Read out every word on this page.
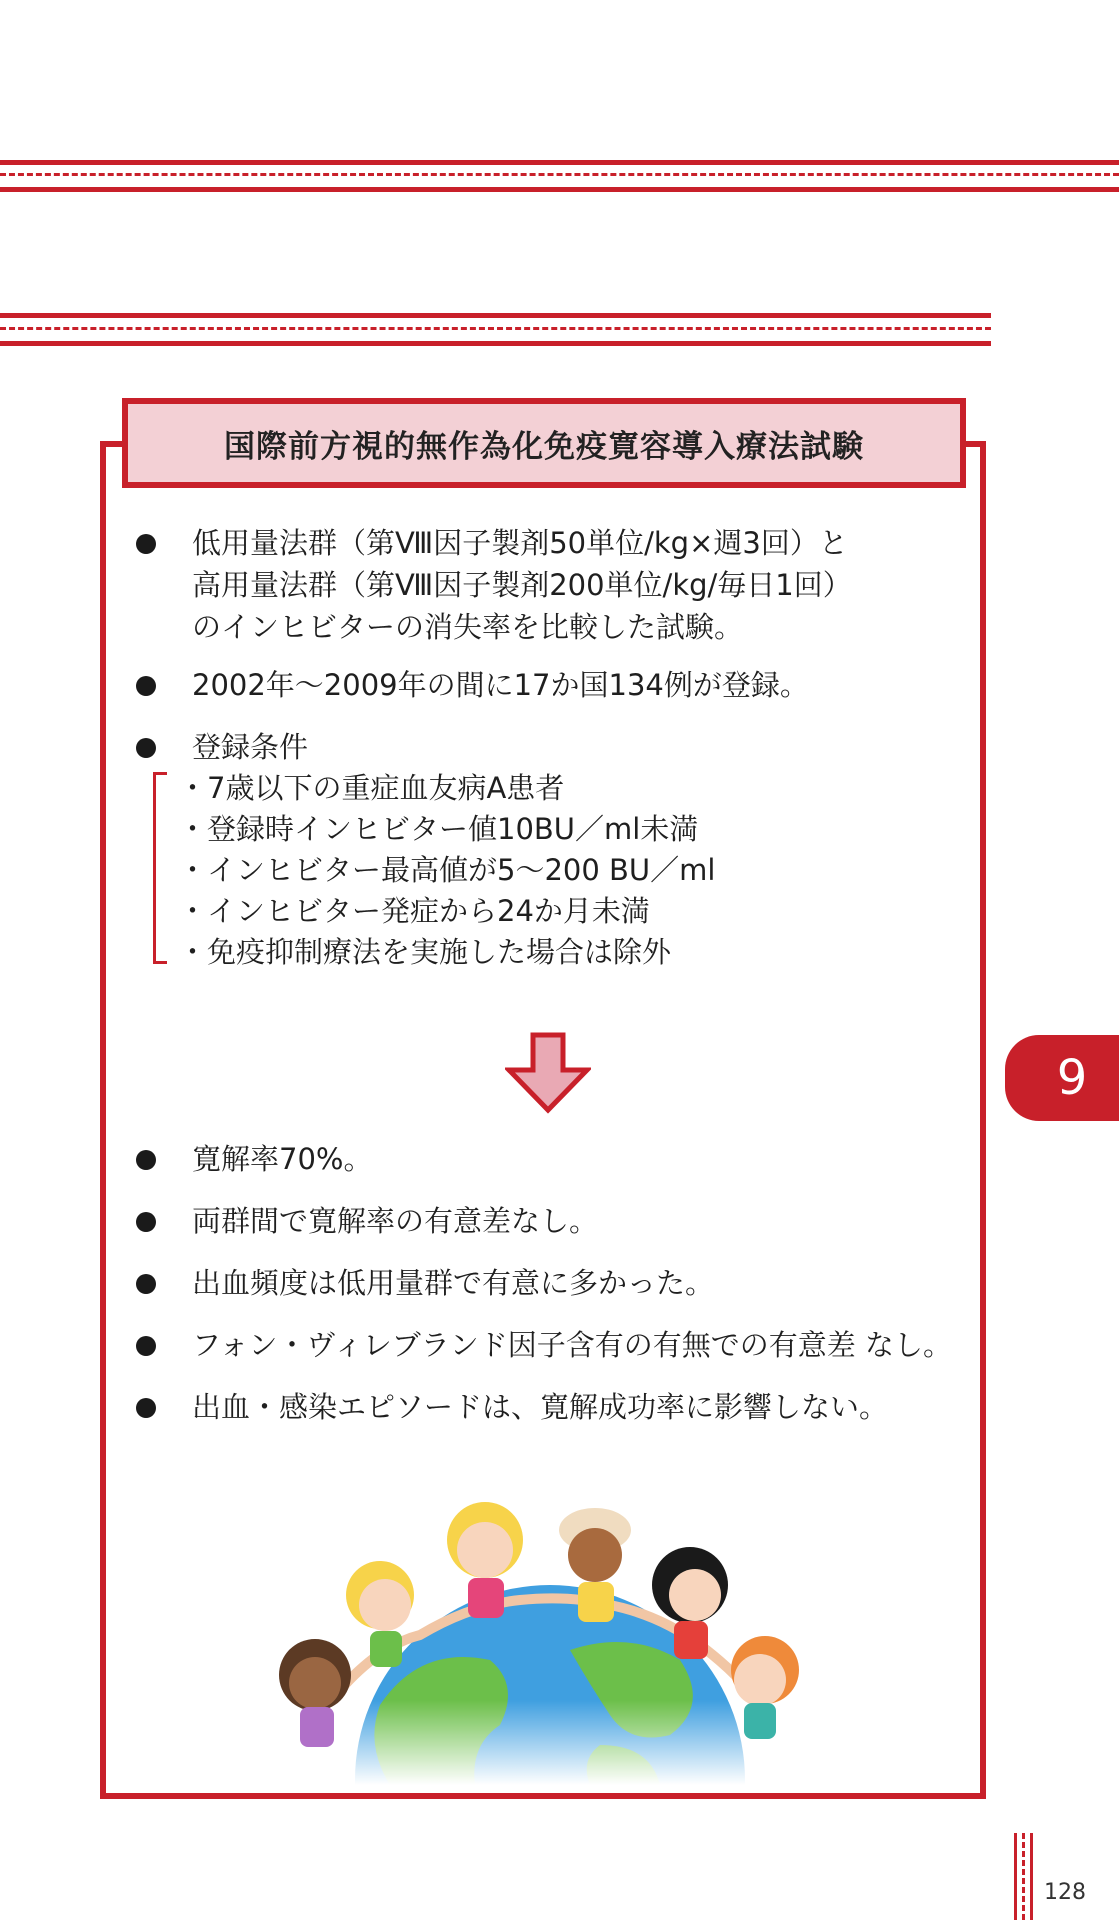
国際前方視的無作為化免疫寛容導入療法試験
低用量法群（第Ⅷ因子製剤50単位/kg×週3回）と
高用量法群（第Ⅷ因子製剤200単位/kg/毎日1回）
のインヒビターの消失率を比較した試験。
2002年～2009年の間に17か国134例が登録。
登録条件
・7歳以下の重症血友病A患者
・登録時インヒビター値10BU／ml未満
・インヒビター最高値が5～200 BU／ml
・インヒビター発症から24か月未満
・免疫抑制療法を実施した場合は除外
寛解率70%。
両群間で寛解率の有意差なし。
出血頻度は低用量群で有意に多かった。
フォン・ヴィレブランド因子含有の有無での有意差 なし。
出血・感染エピソードは、寛解成功率に影響しない。
9
128
